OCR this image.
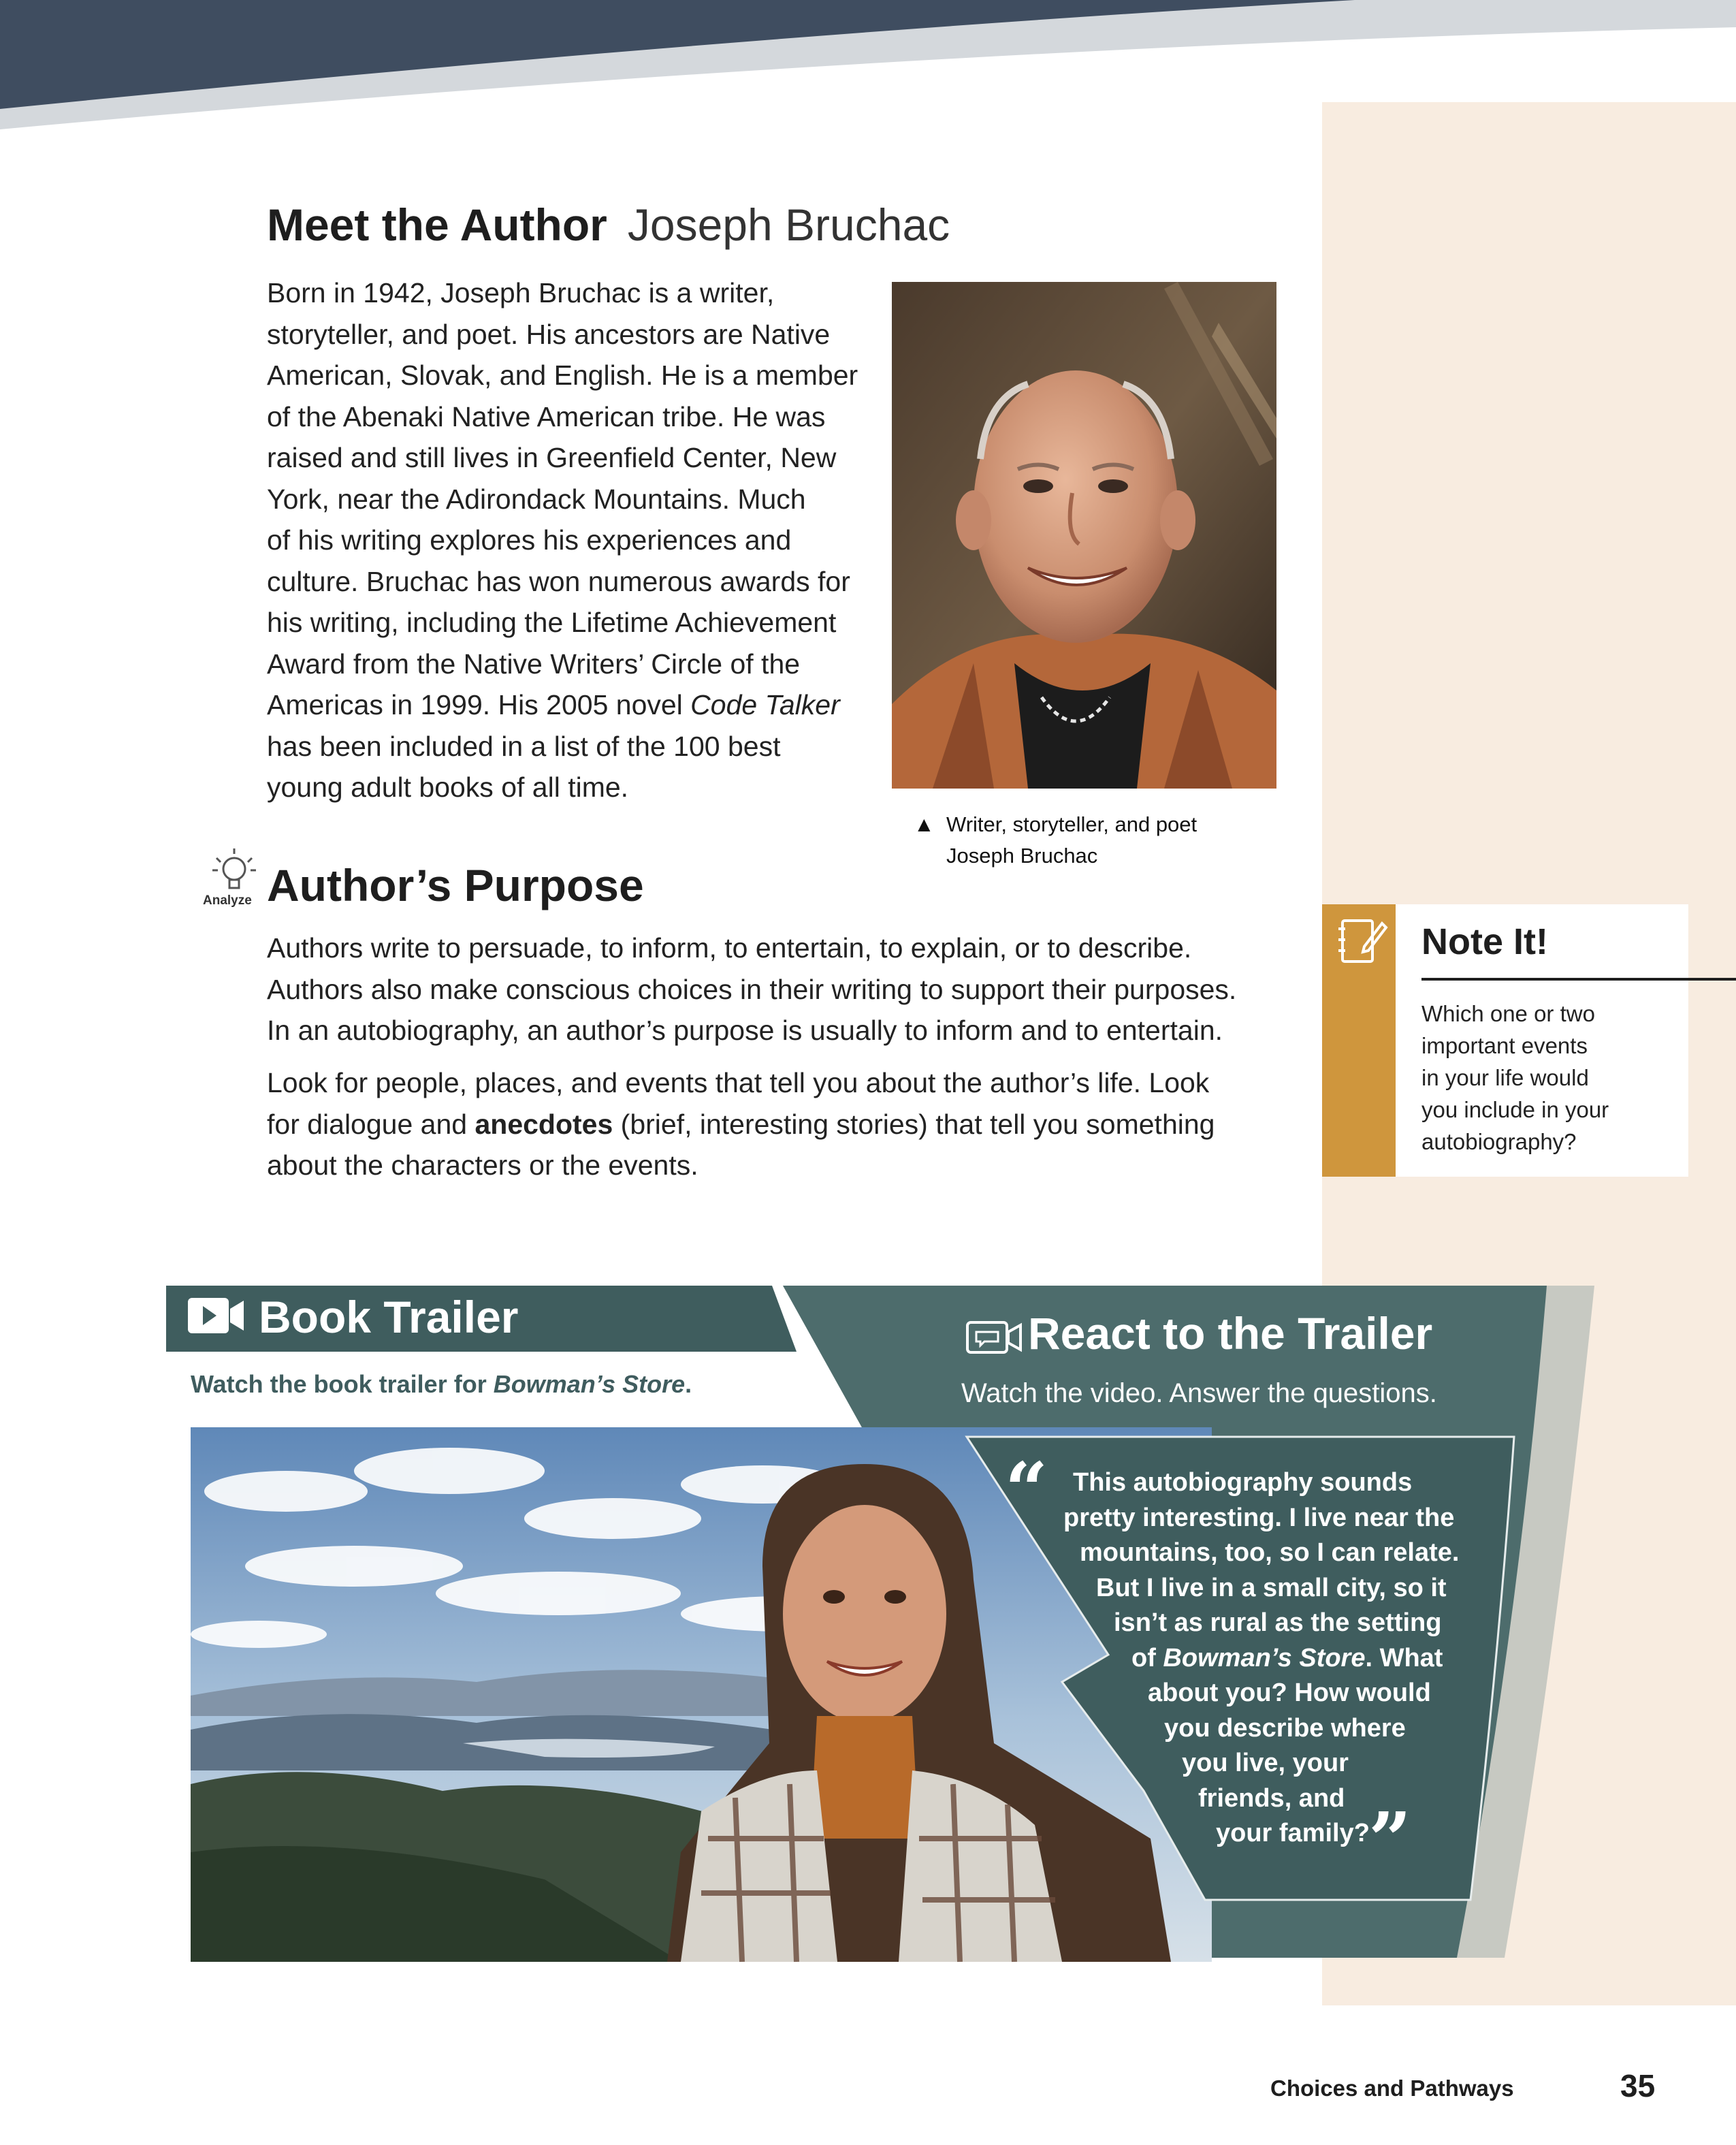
Meet the Author Joseph Bruchac
Born in 1942, Joseph Bruchac is a writer,
storyteller, and poet. His ancestors are Native
American, Slovak, and English. He is a member
of the Abenaki Native American tribe. He was
raised and still lives in Greenfield Center, New
York, near the Adirondack Mountains. Much
of his writing explores his experiences and
culture. Bruchac has won numerous awards for
his writing, including the Lifetime Achievement
Award from the Native Writers’ Circle of the
Americas in 1999. His 2005 novel Code Talker
has been included in a list of the 100 best
young adult books of all time.
▲ Writer, storyteller, and poet
Joseph Bruchac
Analyze Author’s Purpose
Authors write to persuade, to inform, to entertain, to explain, or to describe.
Authors also make conscious choices in their writing to support their purposes.
In an autobiography, an author’s purpose is usually to inform and to entertain.
Look for people, places, and events that tell you about the author’s life. Look
for dialogue and anecdotes (brief, interesting stories) that tell you something
about the characters or the events.
Note It!
Which one or two
important events
in your life would
you include in your
autobiography?
Book Trailer
Watch the book trailer for Bowman’s Store.
React to the Trailer
Watch the video. Answer the questions.
“ This autobiography sounds
pretty interesting. I live near the
mountains, too, so I can relate.
But I live in a small city, so it
isn’t as rural as the setting
of Bowman’s Store. What
about you? How would
you describe where
you live, your
friends, and
your family?
”
Choices and Pathways	35
